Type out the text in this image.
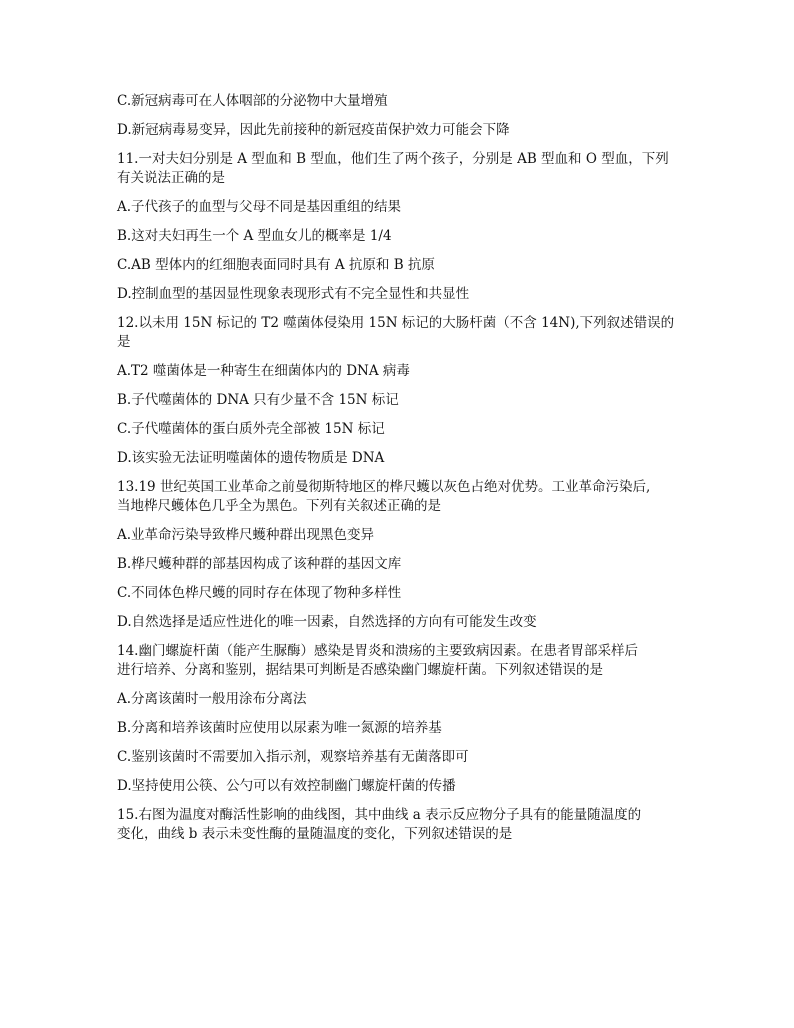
C.新冠病毒可在人体咽部的分泌物中大量增殖

D.新冠病毒易变异，因此先前接种的新冠疫苗保护效力可能会下降

11.一对夫妇分别是 A 型血和 B 型血，他们生了两个孩子，分别是 AB 型血和 O 型血，下列

有关说法正确的是

A.子代孩子的血型与父母不同是基因重组的结果

B.这对夫妇再生一个 A 型血女儿的概率是 1/4

C.AB 型体内的红细胞表面同时具有 A 抗原和 B 抗原

D.控制血型的基因显性现象表现形式有不完全显性和共显性

12.以未用 15N 标记的 T2 噬菌体侵染用 15N 标记的大肠杆菌（不含 14N),下列叙述错误的

是

A.T2 噬菌体是一种寄生在细菌体内的 DNA 病毒

B.子代噬菌体的 DNA 只有少量不含 15N 标记

C.子代噬菌体的蛋白质外壳全部被 15N 标记

D.该实验无法证明噬菌体的遗传物质是 DNA

13.19 世纪英国工业革命之前曼彻斯特地区的桦尺蠖以灰色占绝对优势。工业革命污染后,

当地桦尺蠖体色几乎全为黑色。下列有关叙述正确的是

A.业革命污染导致桦尺蠖种群出现黑色变异

B.桦尺蠖种群的部基因构成了该种群的基因文库

C.不同体色桦尺蠖的同时存在体现了物种多样性

D.自然选择是适应性进化的唯一因素，自然选择的方向有可能发生改变

14.幽门螺旋杆菌（能产生脲酶）感染是胃炎和溃疡的主要致病因素。在患者胃部采样后

进行培养、分离和鉴别，据结果可判断是否感染幽门螺旋杆菌。下列叙述错误的是

A.分离该菌时一般用涂布分离法

B.分离和培养该菌时应使用以尿素为唯一氮源的培养基

C.鉴别该菌时不需要加入指示剂，观察培养基有无菌落即可

D.坚持使用公筷、公勺可以有效控制幽门螺旋杆菌的传播

15.右图为温度对酶活性影响的曲线图，其中曲线 a 表示反应物分子具有的能量随温度的

变化，曲线 b 表示未变性酶的量随温度的变化，下列叙述错误的是
